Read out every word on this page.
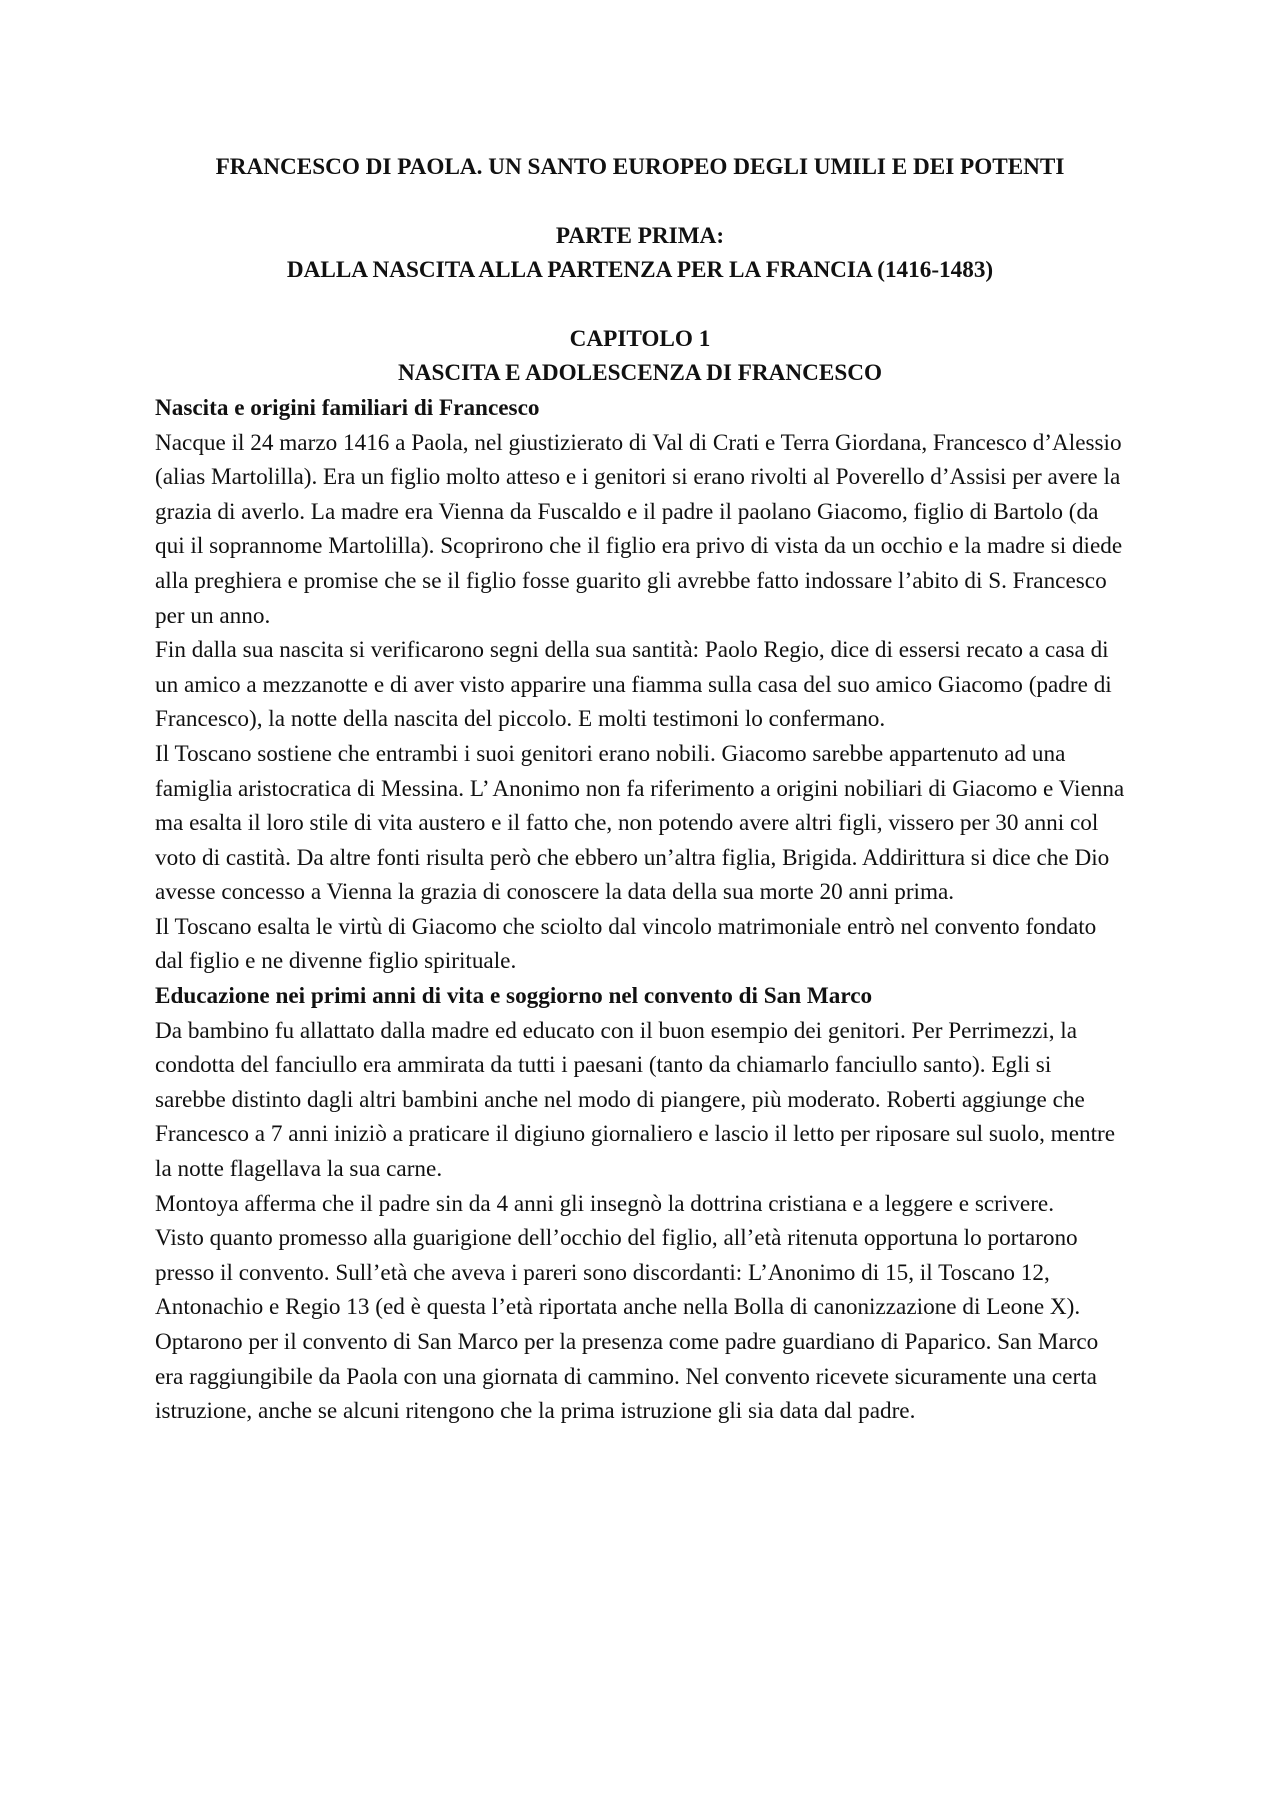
FRANCESCO DI PAOLA. UN SANTO EUROPEO DEGLI UMILI E DEI POTENTI
PARTE PRIMA:
DALLA NASCITA ALLA PARTENZA PER LA FRANCIA (1416-1483)
CAPITOLO 1
NASCITA E ADOLESCENZA DI FRANCESCO
Nascita e origini familiari di Francesco

Nacque il 24 marzo 1416 a Paola, nel giustizierato di Val di Crati e Terra Giordana, Francesco d’Alessio (alias Martolilla). Era un figlio molto atteso e i genitori si erano rivolti al Poverello d’Assisi per avere la grazia di averlo. La madre era Vienna da Fuscaldo e il padre il paolano Giacomo, figlio di Bartolo (da qui il soprannome Martolilla). Scoprirono che il figlio era privo di vista da un occhio e la madre si diede alla preghiera e promise che se il figlio fosse guarito gli avrebbe fatto indossare l’abito di S. Francesco per un anno.

Fin dalla sua nascita si verificarono segni della sua santità: Paolo Regio, dice di essersi recato a casa di un amico a mezzanotte e di aver visto apparire una fiamma sulla casa del suo amico Giacomo (padre di Francesco), la notte della nascita del piccolo. E molti testimoni lo confermano.

Il Toscano sostiene che entrambi i suoi genitori erano nobili. Giacomo sarebbe appartenuto ad una famiglia aristocratica di Messina. L’ Anonimo non fa riferimento a origini nobiliari di Giacomo e Vienna ma esalta il loro stile di vita austero e il fatto che, non potendo avere altri figli, vissero per 30 anni col voto di castità. Da altre fonti risulta però che ebbero un’altra figlia, Brigida. Addirittura si dice che Dio avesse concesso a Vienna la grazia di conoscere la data della sua morte 20 anni prima.

Il Toscano esalta le virtù di Giacomo che sciolto dal vincolo matrimoniale entrò nel convento fondato dal figlio e ne divenne figlio spirituale.

Educazione nei primi anni di vita e soggiorno nel convento di San Marco

Da bambino fu allattato dalla madre ed educato con il buon esempio dei genitori. Per Perrimezzi, la condotta del fanciullo era ammirata da tutti i paesani (tanto da chiamarlo fanciullo santo). Egli si sarebbe distinto dagli altri bambini anche nel modo di piangere, più moderato. Roberti aggiunge che Francesco a 7 anni iniziò a praticare il digiuno giornaliero e lascio il letto per riposare sul suolo, mentre la notte flagellava la sua carne.

Montoya afferma che il padre sin da 4 anni gli insegnò la dottrina cristiana e a leggere e scrivere.

Visto quanto promesso alla guarigione dell’occhio del figlio, all’età ritenuta opportuna lo portarono presso il convento. Sull’età che aveva i pareri sono discordanti: L’Anonimo di 15, il Toscano 12, Antonachio e Regio 13 (ed è questa l’età riportata anche nella Bolla di canonizzazione di Leone X). Optarono per il convento di San Marco per la presenza come padre guardiano di Paparico. San Marco era raggiungibile da Paola con una giornata di cammino. Nel convento ricevete sicuramente una certa istruzione, anche se alcuni ritengono che la prima istruzione gli sia data dal padre.
